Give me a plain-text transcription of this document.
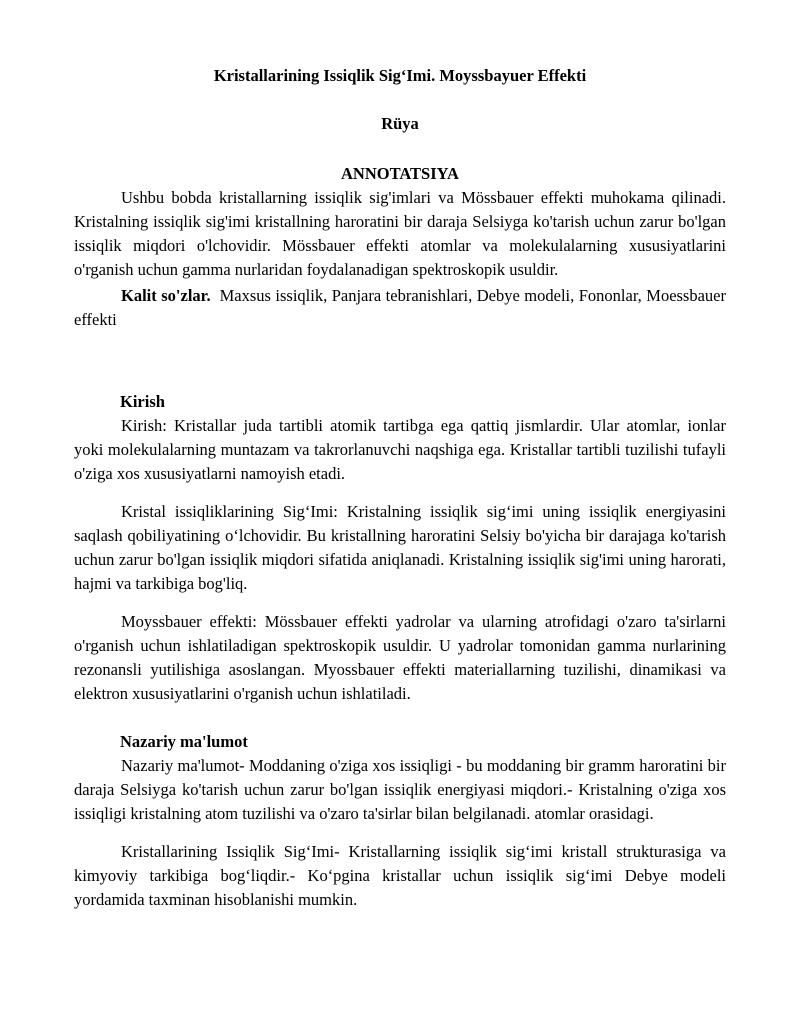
Kristallarining Issiqlik Sig‘Imi. Moyssbayuer Effekti

Rüya

ANNOTATSIYA

Ushbu bobda kristallarning issiqlik sig'imlari va Mössbauer effekti muhokama qilinadi. Kristalning issiqlik sig'imi kristallning haroratini bir daraja Selsiyga ko'tarish uchun zarur bo'lgan issiqlik miqdori o'lchovidir. Mössbauer effekti atomlar va molekulalarning xususiyatlarini o'rganish uchun gamma nurlaridan foydalanadigan spektroskopik usuldir.

Kalit so'zlar. Maxsus issiqlik, Panjara tebranishlari, Debye modeli, Fononlar, Moessbauer effekti

Kirish

Kirish: Kristallar juda tartibli atomik tartibga ega qattiq jismlardir. Ular atomlar, ionlar yoki molekulalarning muntazam va takrorlanuvchi naqshiga ega. Kristallar tartibli tuzilishi tufayli o'ziga xos xususiyatlarni namoyish etadi.

Kristal issiqliklarining Sig‘Imi: Kristalning issiqlik sig‘imi uning issiqlik energiyasini saqlash qobiliyatining o‘lchovidir. Bu kristallning haroratini Selsiy bo'yicha bir darajaga ko'tarish uchun zarur bo'lgan issiqlik miqdori sifatida aniqlanadi. Kristalning issiqlik sig'imi uning harorati, hajmi va tarkibiga bog'liq.

Moyssbauer effekti: Mössbauer effekti yadrolar va ularning atrofidagi o'zaro ta'sirlarni o'rganish uchun ishlatiladigan spektroskopik usuldir. U yadrolar tomonidan gamma nurlarining rezonansli yutilishiga asoslangan. Myossbauer effekti materiallarning tuzilishi, dinamikasi va elektron xususiyatlarini o'rganish uchun ishlatiladi.

Nazariy ma'lumot

Nazariy ma'lumot- Moddaning o'ziga xos issiqligi - bu moddaning bir gramm haroratini bir daraja Selsiyga ko'tarish uchun zarur bo'lgan issiqlik energiyasi miqdori.- Kristalning o'ziga xos issiqligi kristalning atom tuzilishi va o'zaro ta'sirlar bilan belgilanadi. atomlar orasidagi.

Kristallarining Issiqlik Sig‘Imi- Kristallarning issiqlik sig‘imi kristall strukturasiga va kimyoviy tarkibiga bog‘liqdir.- Ko‘pgina kristallar uchun issiqlik sig‘imi Debye modeli yordamida taxminan hisoblanishi mumkin.
